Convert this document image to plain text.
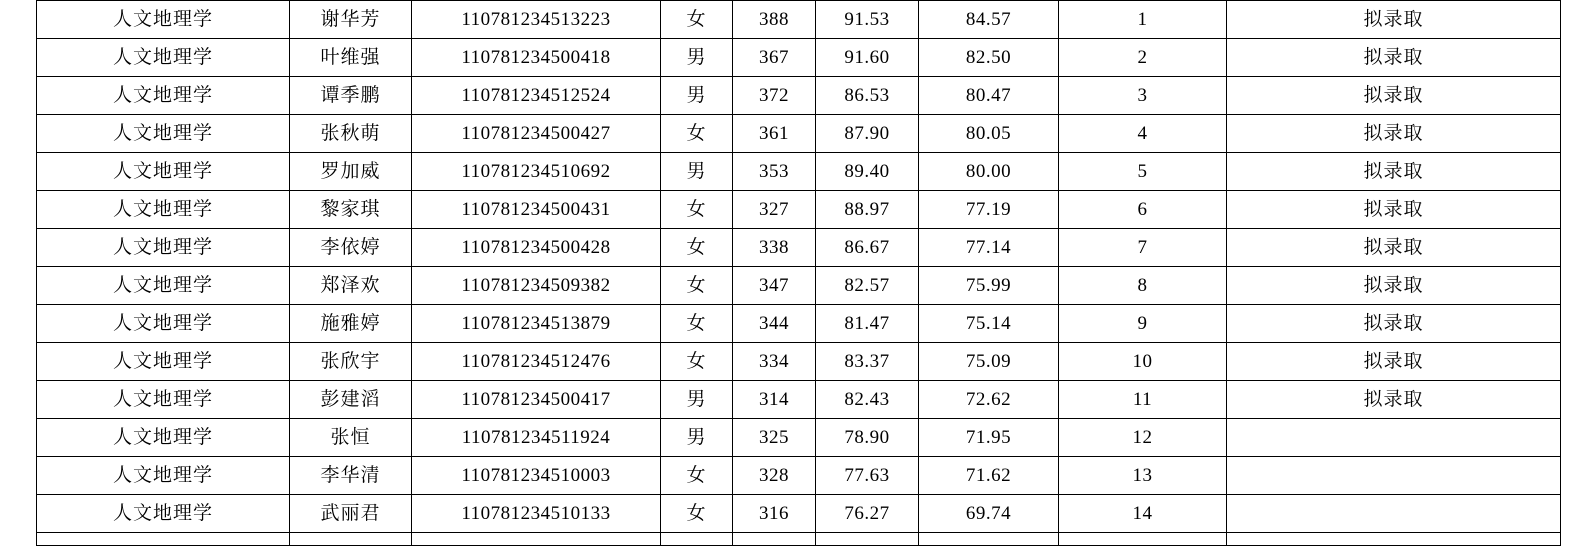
人文地理学	谢华芳	110781234513223	女	388	91.53	84.57	1	拟录取
人文地理学	叶维强	110781234500418	男	367	91.60	82.50	2	拟录取
人文地理学	谭季鹏	110781234512524	男	372	86.53	80.47	3	拟录取
人文地理学	张秋萌	110781234500427	女	361	87.90	80.05	4	拟录取
人文地理学	罗加威	110781234510692	男	353	89.40	80.00	5	拟录取
人文地理学	黎家琪	110781234500431	女	327	88.97	77.19	6	拟录取
人文地理学	李依婷	110781234500428	女	338	86.67	77.14	7	拟录取
人文地理学	郑泽欢	110781234509382	女	347	82.57	75.99	8	拟录取
人文地理学	施雅婷	110781234513879	女	344	81.47	75.14	9	拟录取
人文地理学	张欣宇	110781234512476	女	334	83.37	75.09	10	拟录取
人文地理学	彭建滔	110781234500417	男	314	82.43	72.62	11	拟录取
人文地理学	张恒	110781234511924	男	325	78.90	71.95	12	
人文地理学	李华清	110781234510003	女	328	77.63	71.62	13	
人文地理学	武丽君	110781234510133	女	316	76.27	69.74	14	
